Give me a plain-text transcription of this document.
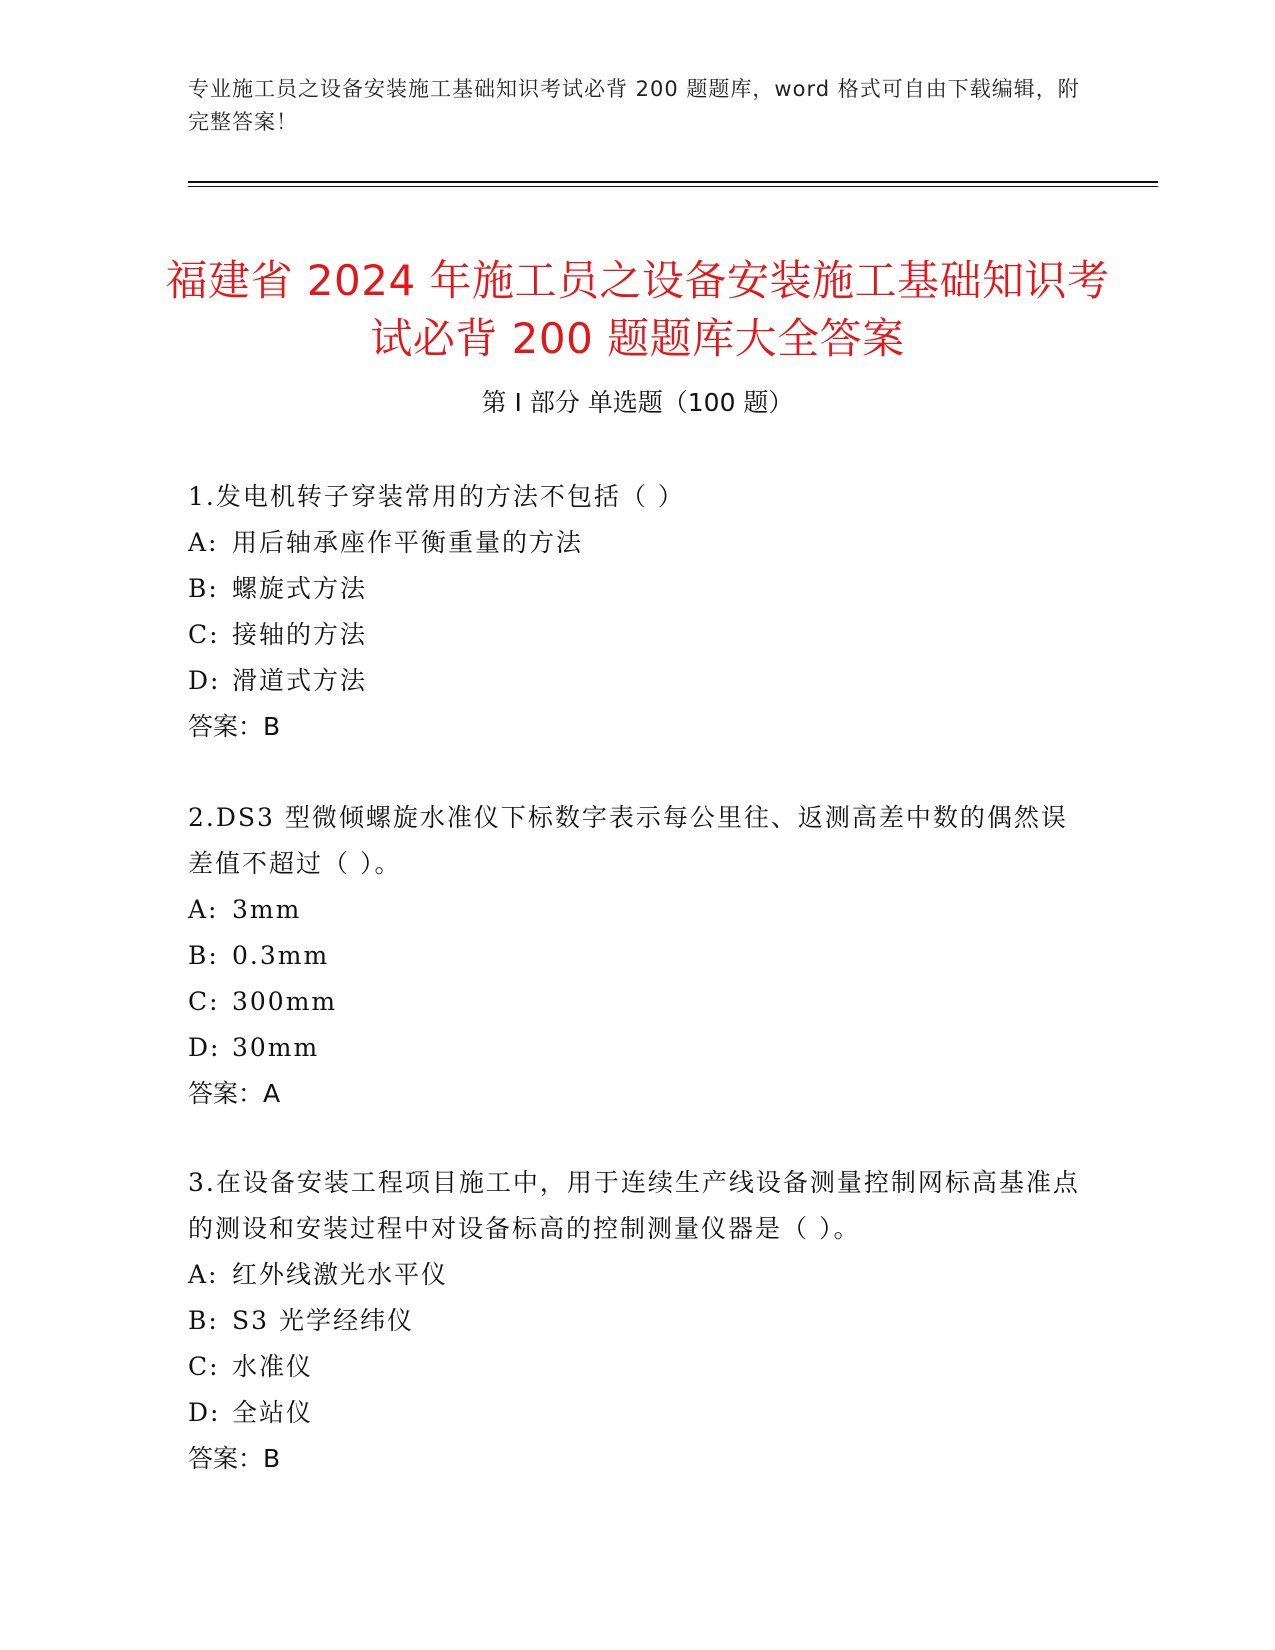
专业施工员之设备安装施工基础知识考试必背 200 题题库，word 格式可自由下载编辑，附完整答案！
福建省 2024 年施工员之设备安装施工基础知识考试必背 200 题题库大全答案
第 I 部分 单选题（100 题）
1.发电机转子穿装常用的方法不包括（ ）
A: 用后轴承座作平衡重量的方法
B: 螺旋式方法
C: 接轴的方法
D: 滑道式方法
答案：B
2.DS3 型微倾螺旋水准仪下标数字表示每公里往、返测高差中数的偶然误差值不超过（ ）。
A: 3mm
B: 0.3mm
C: 300mm
D: 30mm
答案：A
3.在设备安装工程项目施工中，用于连续生产线设备测量控制网标高基准点的测设和安装过程中对设备标高的控制测量仪器是（ ）。
A: 红外线激光水平仪
B: S3 光学经纬仪
C: 水准仪
D: 全站仪
答案：B
